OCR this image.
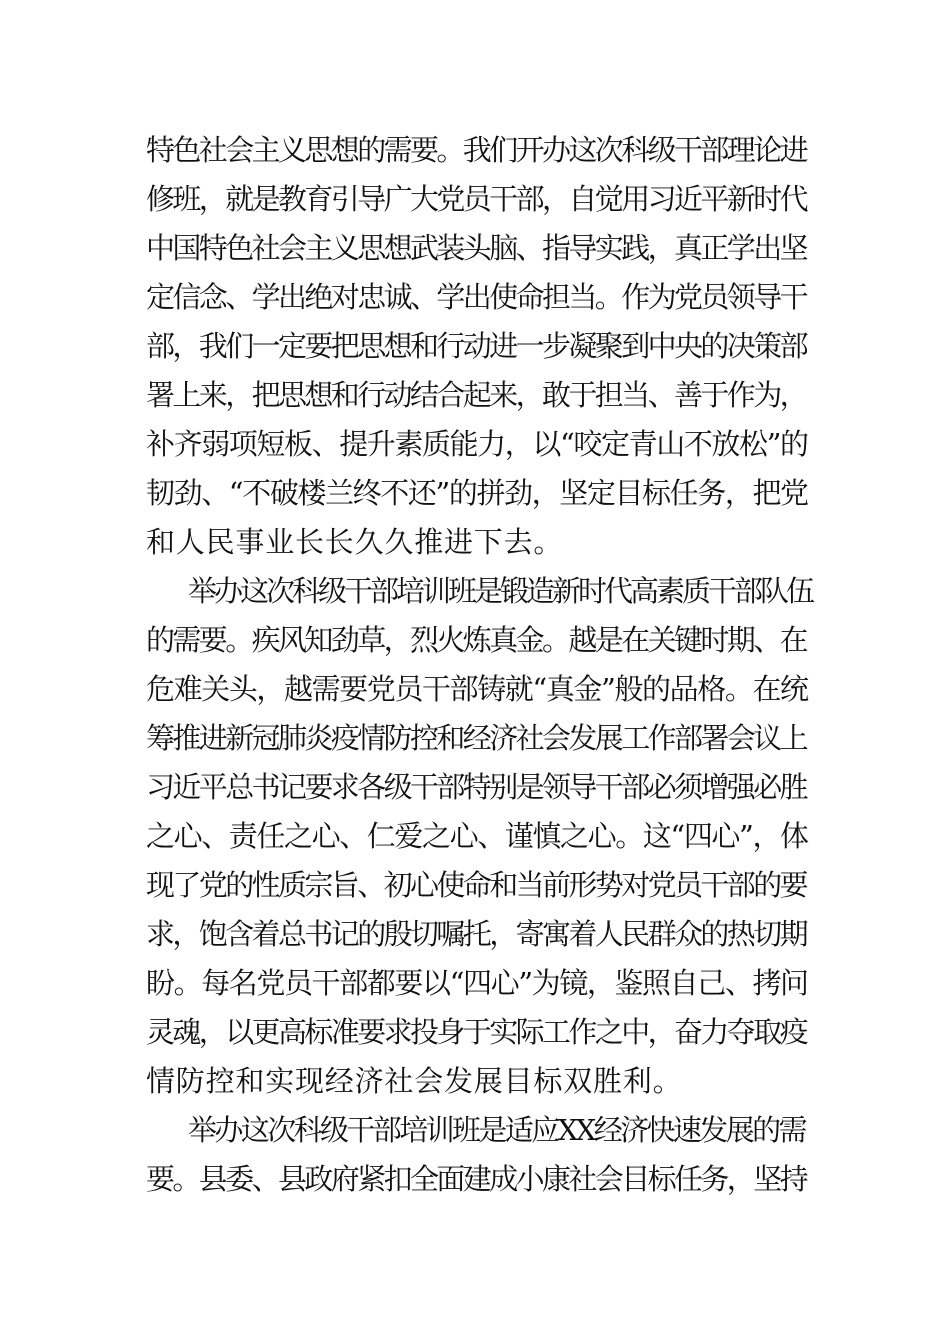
特色社会主义思想的需要。我们开办这次科级干部理论进
修班，就是教育引导广大党员干部，自觉用习近平新时代
中国特色社会主义思想武装头脑、指导实践，真正学出坚
定信念、学出绝对忠诚、学出使命担当。作为党员领导干
部，我们一定要把思想和行动进一步凝聚到中央的决策部
署上来，把思想和行动结合起来，敢于担当、善于作为，
补齐弱项短板、提升素质能力，以“咬定青山不放松”的
韧劲、“不破楼兰终不还”的拼劲，坚定目标任务，把党
和人民事业长长久久推进下去。
举办这次科级干部培训班是锻造新时代高素质干部队伍
的需要。疾风知劲草，烈火炼真金。越是在关键时期、在
危难关头，越需要党员干部铸就“真金”般的品格。在统
筹推进新冠肺炎疫情防控和经济社会发展工作部署会议上
习近平总书记要求各级干部特别是领导干部必须增强必胜
之心、责任之心、仁爱之心、谨慎之心。这“四心”，体
现了党的性质宗旨、初心使命和当前形势对党员干部的要
求，饱含着总书记的殷切嘱托，寄寓着人民群众的热切期
盼。每名党员干部都要以“四心”为镜，鉴照自己、拷问
灵魂，以更高标准要求投身于实际工作之中，奋力夺取疫
情防控和实现经济社会发展目标双胜利。
举办这次科级干部培训班是适应XX经济快速发展的需
要。县委、县政府紧扣全面建成小康社会目标任务，坚持
